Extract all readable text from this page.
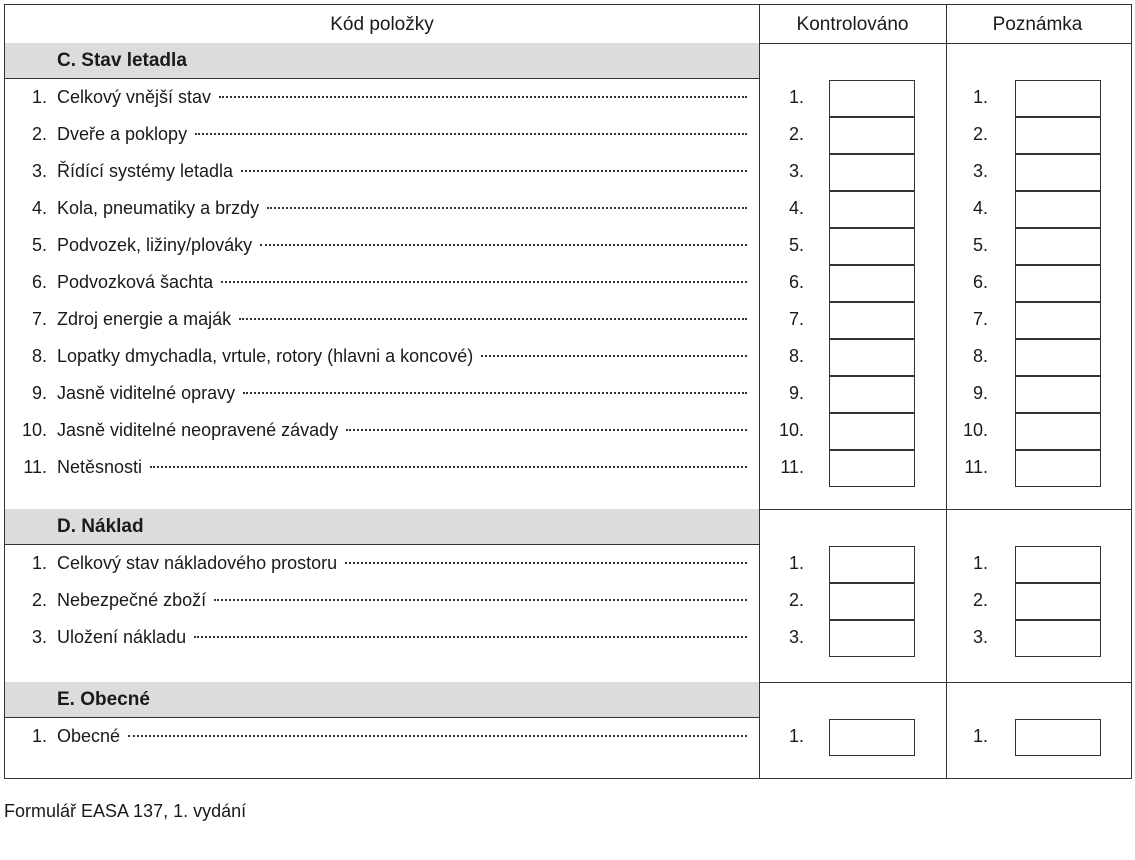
Kód položky	Kontrolováno	Poznámka
C. Stav letadla
1. Celkový vnější stav	1.	1.
2. Dveře a poklopy	2.	2.
3. Řídící systémy letadla	3.	3.
4. Kola, pneumatiky a brzdy	4.	4.
5. Podvozek, ližiny/plováky	5.	5.
6. Podvozková šachta	6.	6.
7. Zdroj energie a maják	7.	7.
8. Lopatky dmychadla, vrtule, rotory (hlavni a koncové)	8.	8.
9. Jasně viditelné opravy	9.	9.
10. Jasně viditelné neopravené závady	10.	10.
11. Netěsnosti	11.	11.
D. Náklad
1. Celkový stav nákladového prostoru	1.	1.
2. Nebezpečné zboží	2.	2.
3. Uložení nákladu	3.	3.
E. Obecné
1. Obecné	1.	1.
Formulář EASA 137, 1. vydání
